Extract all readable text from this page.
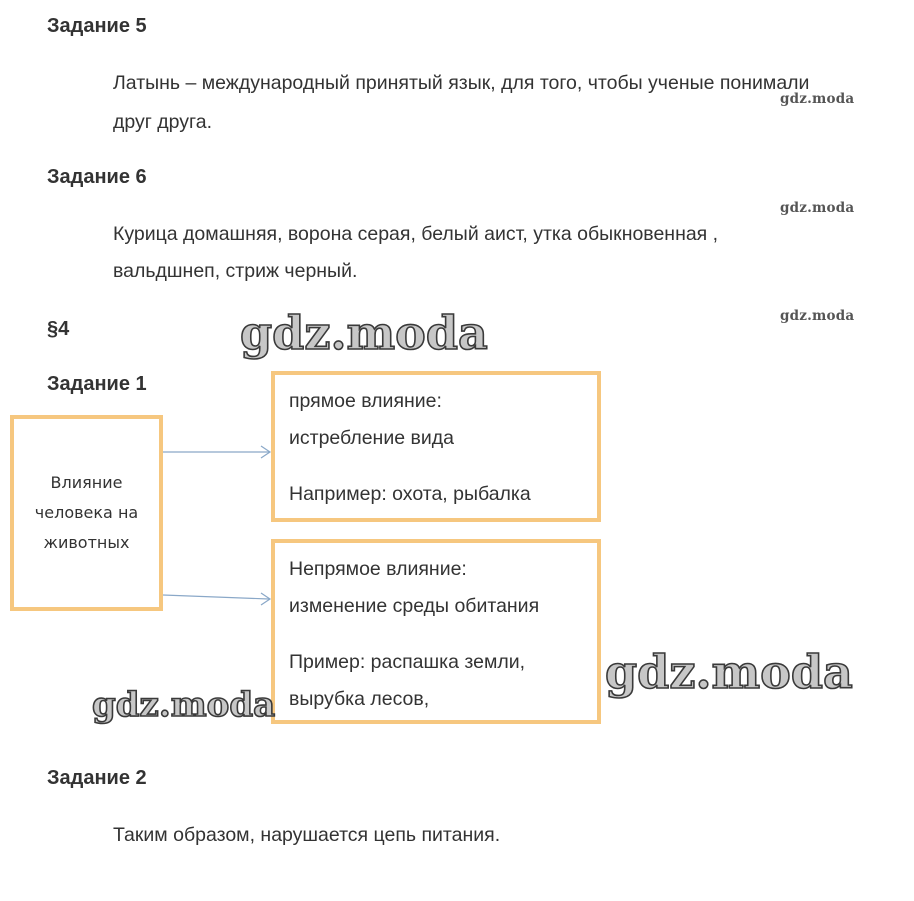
Задание 5

Латынь – международный принятый язык, для того, чтобы ученые понимали

друг друга.

gdz.moda
Задание 6
gdz.moda

Курица домашняя, ворона серая, белый аист, утка обыкновенная ,

вальдшнеп, стриж черный.

§4
gdz.moda
gdz.moda
Задание 1
Влияние
человека на
животных
прямое влияние:
истребление вида
Например: охота, рыбалка
Непрямое влияние:
изменение среды обитания
Пример: распашка земли,
вырубка лесов,
gdz.moda
gdz.moda
Задание 2

Таким образом, нарушается цепь питания.
